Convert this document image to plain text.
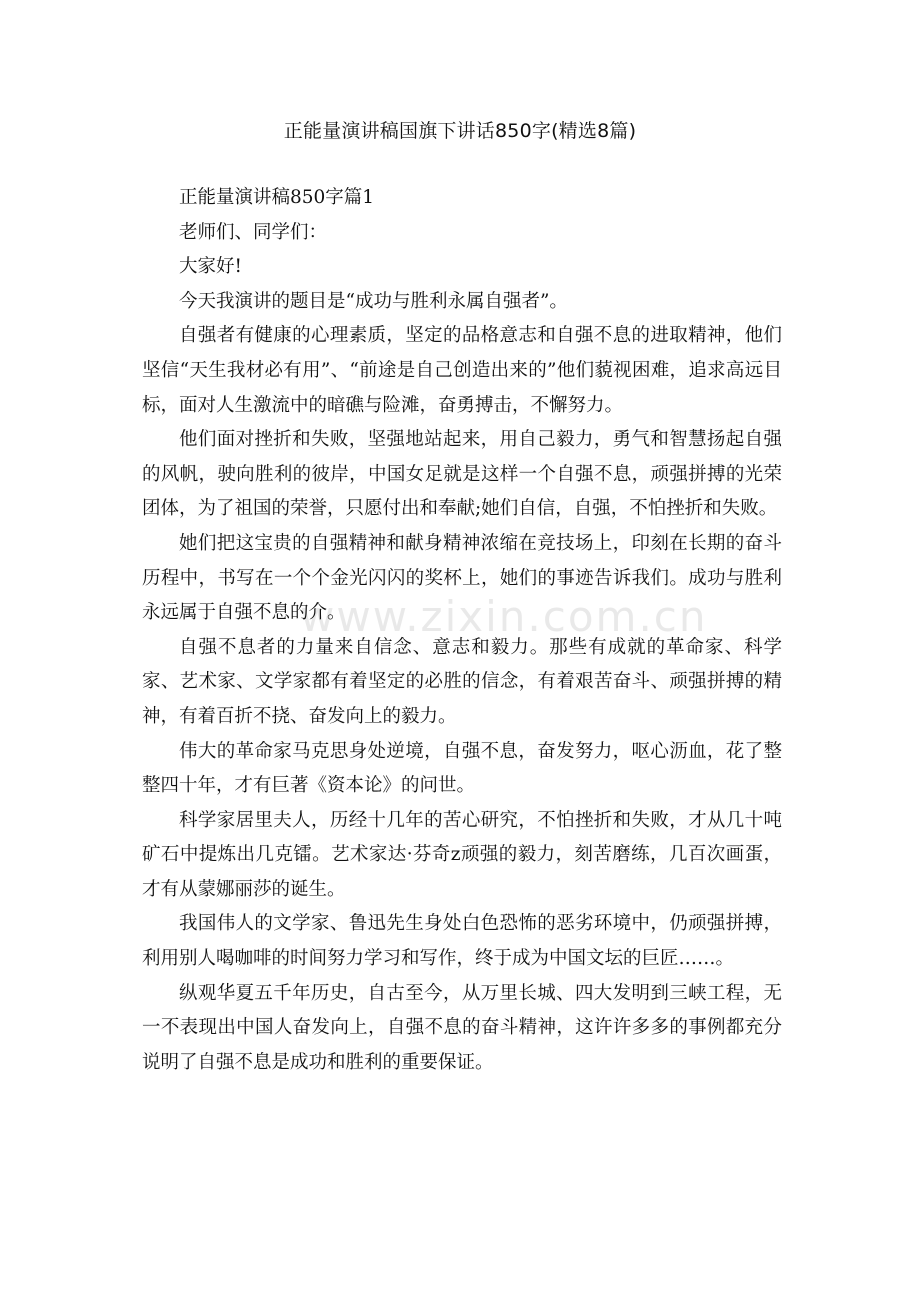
正能量演讲稿国旗下讲话850字(精选8篇)
www.zixin.com.cn

正能量演讲稿850字篇1

老师们、同学们：

大家好!

今天我演讲的题目是“成功与胜利永属自强者”。

自强者有健康的心理素质，坚定的品格意志和自强不息的进取精神，他们坚信“天生我材必有用”、“前途是自己创造出来的”他们藐视困难，追求高远目标，面对人生激流中的暗礁与险滩，奋勇搏击，不懈努力。

他们面对挫折和失败，坚强地站起来，用自己毅力，勇气和智慧扬起自强的风帆，驶向胜利的彼岸，中国女足就是这样一个自强不息，顽强拼搏的光荣团体，为了祖国的荣誉，只愿付出和奉献;她们自信，自强，不怕挫折和失败。

她们把这宝贵的自强精神和献身精神浓缩在竞技场上，印刻在长期的奋斗历程中，书写在一个个金光闪闪的奖杯上，她们的事迹告诉我们。成功与胜利永远属于自强不息的介。

自强不息者的力量来自信念、意志和毅力。那些有成就的革命家、科学家、艺术家、文学家都有着坚定的必胜的信念，有着艰苦奋斗、顽强拼搏的精神，有着百折不挠、奋发向上的毅力。

伟大的革命家马克思身处逆境，自强不息，奋发努力，呕心沥血，花了整整四十年，才有巨著《资本论》的问世。

科学家居里夫人，历经十几年的苦心研究，不怕挫折和失败，才从几十吨矿石中提炼出几克镭。艺术家达·芬奇z顽强的毅力，刻苦磨练，几百次画蛋，才有从蒙娜丽莎的诞生。

我国伟人的文学家、鲁迅先生身处白色恐怖的恶劣环境中，仍顽强拼搏，利用别人喝咖啡的时间努力学习和写作，终于成为中国文坛的巨匠……。

纵观华夏五千年历史，自古至今，从万里长城、四大发明到三峡工程，无一不表现出中国人奋发向上，自强不息的奋斗精神，这许许多多的事例都充分说明了自强不息是成功和胜利的重要保证。
